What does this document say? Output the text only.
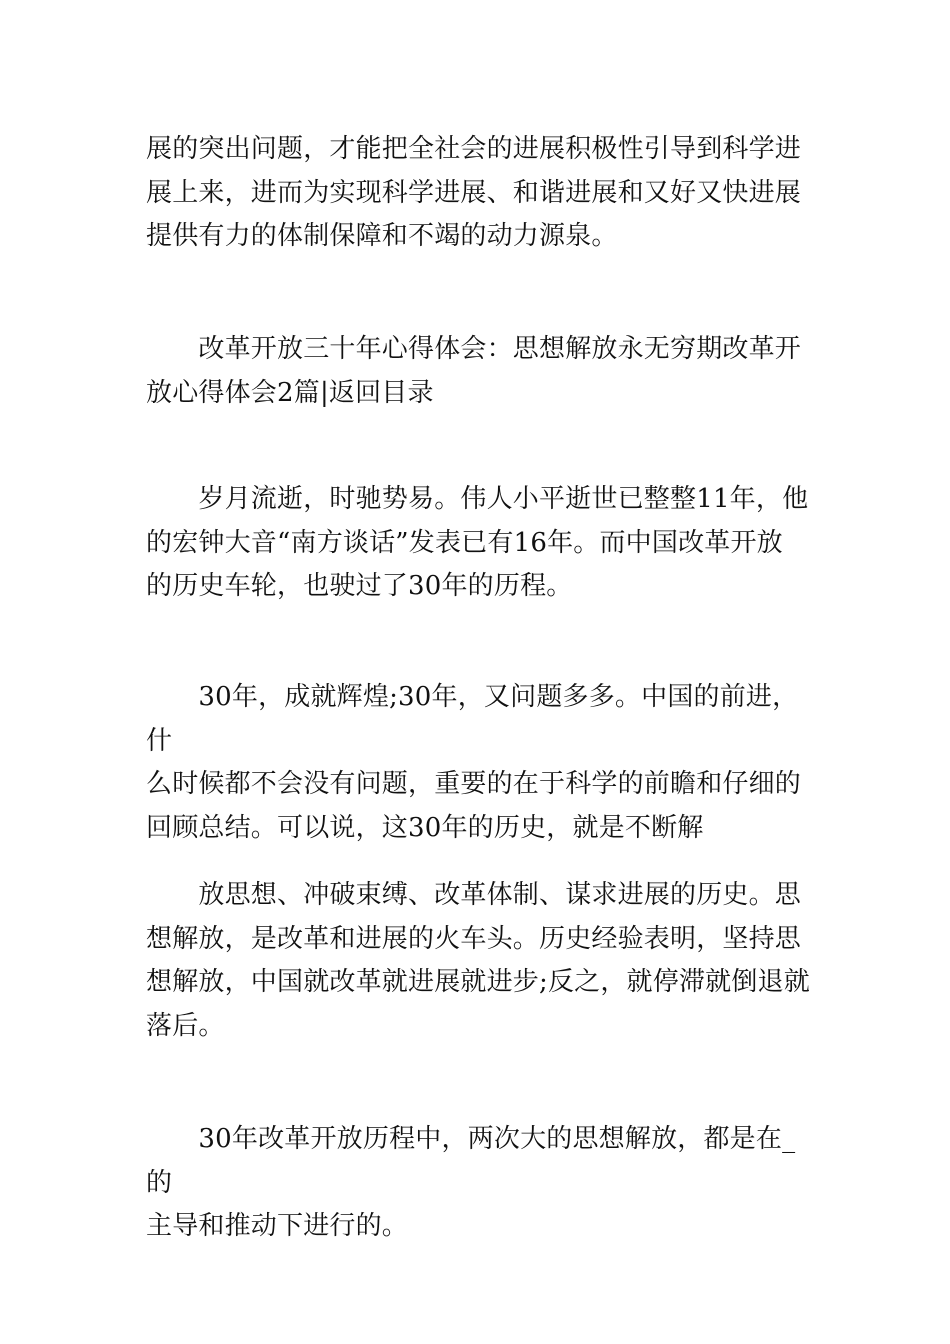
展的突出问题，才能把全社会的进展积极性引导到科学进
展上来，进而为实现科学进展、和谐进展和又好又快进展
提供有力的体制保障和不竭的动力源泉。

　　改革开放三十年心得体会：思想解放永无穷期改革开
放心得体会2篇|返回目录

　　岁月流逝，时驰势易。伟人小平逝世已整整11年，他
的宏钟大音“南方谈话”发表已有16年。而中国改革开放
的历史车轮，也驶过了30年的历程。

　　30年，成就辉煌;30年，又问题多多。中国的前进，什
么时候都不会没有问题，重要的在于科学的前瞻和仔细的
回顾总结。可以说，这30年的历史，就是不断解

　　放思想、冲破束缚、改革体制、谋求进展的历史。思
想解放，是改革和进展的火车头。历史经验表明，坚持思
想解放，中国就改革就进展就进步;反之，就停滞就倒退就
落后。

　　30年改革开放历程中，两次大的思想解放，都是在_的
主导和推动下进行的。
